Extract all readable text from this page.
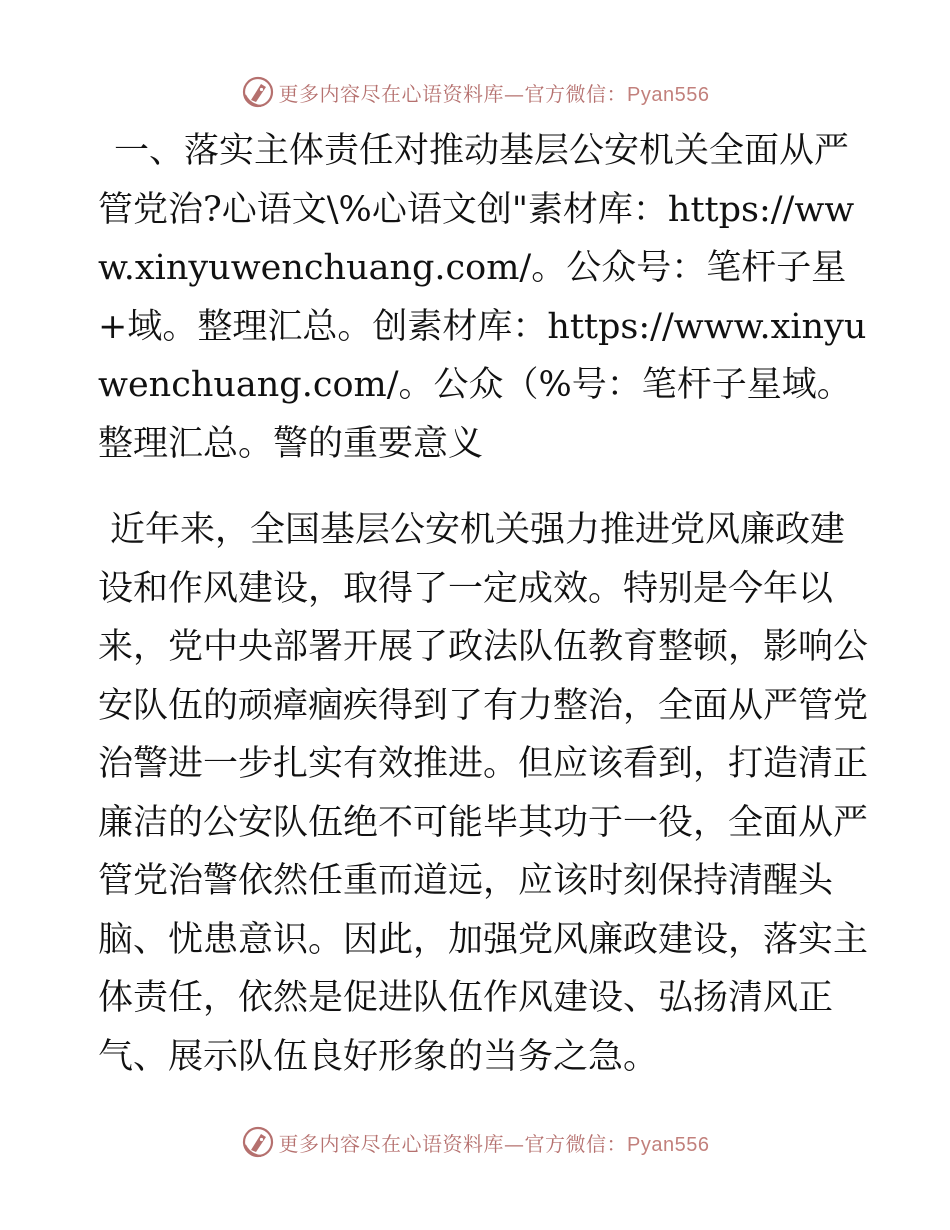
更多内容尽在心语资料库—官方微信：Pyan556

一、落实主体责任对推动基层公安机关全面从严管党治?心语文\%心语文创"素材库：https://www.xinyuwenchuang.com/。公众号：笔杆子星+域。整理汇总。创素材库：https://www.xinyuwenchuang.com/。公众（%号：笔杆子星域。整理汇总。警的重要意义

近年来，全国基层公安机关强力推进党风廉政建设和作风建设，取得了一定成效。特别是今年以来，党中央部署开展了政法队伍教育整顿，影响公安队伍的顽瘴痼疾得到了有力整治，全面从严管党治警进一步扎实有效推进。但应该看到，打造清正廉洁的公安队伍绝不可能毕其功于一役，全面从严管党治警依然任重而道远，应该时刻保持清醒头脑、忧患意识。因此，加强党风廉政建设，落实主体责任，依然是促进队伍作风建设、弘扬清风正气、展示队伍良好形象的当务之急。

更多内容尽在心语资料库—官方微信：Pyan556
